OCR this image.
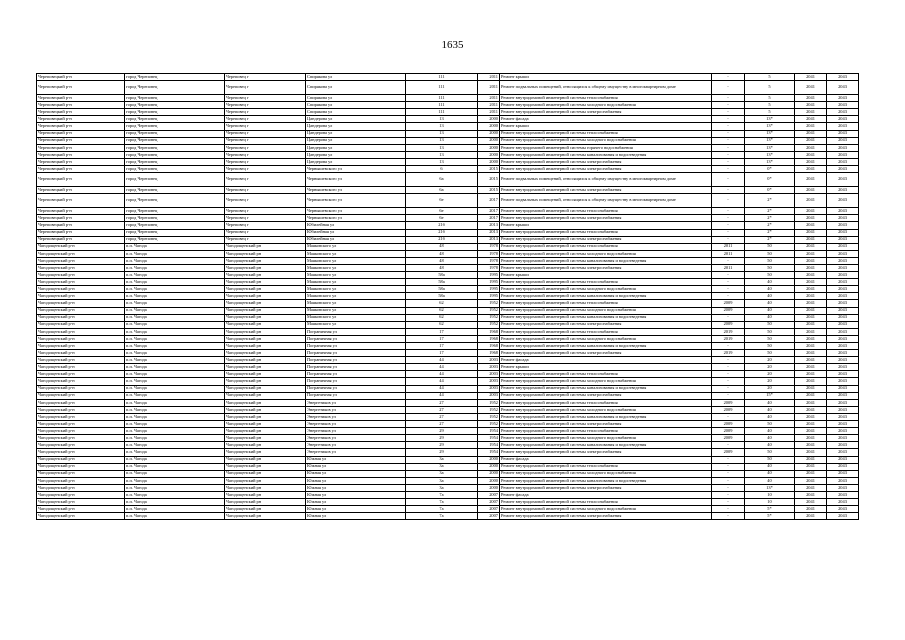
1635
Череповецкий р-н	город Череповец	Череповец г	Спирякова ул	111	2011	Ремонт крыши	-	5	2041	2043
Череповецкий р-н	город Череповец	Череповец г	Спирякова ул	111	2011	Ремонт подвальных помещений, относящихся к общему имуществу в многоквартирном доме	-	5	2041	2043
Череповецкий р-н	город Череповец	Череповец г	Спирякова ул	111	2011	Ремонт внутридомовой инженерной системы теплоснабжения	-	5	2041	2043
Череповецкий р-н	город Череповец	Череповец г	Спирякова ул	111	2011	Ремонт внутридомовой инженерной системы холодного водоснабжения	-	5	2041	2043
Череповецкий р-н	город Череповец	Череповец г	Спирякова ул	111	2011	Ремонт внутридомовой инженерной системы электроснабжения	-	5	2041	2043
Череповецкий р-н	город Череповец	Череповец г	Цандерова ул	13	2000	Ремонт фасада	-	13*	2041	2043
Череповецкий р-н	город Череповец	Череповец г	Цандерова ул	13	2000	Ремонт крыши	-	13*	2041	2043
Череповецкий р-н	город Череповец	Череповец г	Цандерова ул	13	2000	Ремонт внутридомовой инженерной системы теплоснабжения	-	13*	2041	2043
Череповецкий р-н	город Череповец	Череповец г	Цандерова ул	13	2000	Ремонт внутридомовой инженерной системы холодного водоснабжения	-	13*	2041	2043
Череповецкий р-н	город Череповец	Череповец г	Цандерова ул	13	2000	Ремонт внутридомовой инженерной системы горячего водоснабжения	-	13*	2041	2043
Череповецкий р-н	город Череповец	Череповец г	Цандерова ул	13	2000	Ремонт внутридомовой инженерной системы канализования и водоотведения	-	13*	2041	2043
Череповецкий р-н	город Череповец	Череповец г	Цандерова ул	13	2000	Ремонт внутридомовой инженерной системы электроснабжения	-	13*	2041	2043
Череповецкий р-н	город Череповец	Череповец г	Чернышевского ул	6	2015	Ремонт внутридомовой инженерной системы электроснабжения	-	0*	2041	2043
Череповецкий р-н	город Череповец	Череповец г	Чернышевского ул	6а	2015	Ремонт подвальных помещений, относящихся к общему имуществу в многоквартирном доме	-	0*	2041	2043
Череповецкий р-н	город Череповец	Череповец г	Чернышевского ул	6а	2015	Ремонт внутридомовой инженерной системы электроснабжения	-	0*	2041	2043
Череповецкий р-н	город Череповец	Череповец г	Чернышевского ул	6е	2017	Ремонт подвальных помещений, относящихся к общему имуществу в многоквартирном доме	-	2*	2041	2043
Череповецкий р-н	город Череповец	Череповец г	Чернышевского ул	6е	2017	Ремонт внутридомовой инженерной системы теплоснабжения	-	2*	2041	2043
Череповецкий р-н	город Череповец	Череповец г	Чернышевского ул	6е	2017	Ремонт внутридомовой инженерной системы электроснабжения	-	2*	2041	2043
Череповецкий р-н	город Череповец	Череповец г	Юбилейная ул	21б	2013	Ремонт крыши	-	2*	2041	2043
Череповецкий р-н	город Череповец	Череповец г	Юбилейная ул	21б	2013	Ремонт внутридомовой инженерной системы теплоснабжения	-	2*	2041	2043
Череповецкий р-н	город Череповец	Череповец г	Юбилейная ул	21б	2013	Ремонт внутридомовой инженерной системы электроснабжения	-	2*	2041	2043
Чагодощенский р-н	п.п. Чагода	Чагодощенский рн	Маяковского ул	48	1978	Ремонт внутридомовой инженерной системы теплоснабжения	2011	50	2041	2043
Чагодощенский р-н	п.п. Чагода	Чагодощенский рн	Маяковского ул	48	1978	Ремонт внутридомовой инженерной системы холодного водоснабжения	2011	50	2041	2043
Чагодощенский р-н	п.п. Чагода	Чагодощенский рн	Маяковского ул	48	1978	Ремонт внутридомовой инженерной системы канализования и водоотведения	-	50	2041	2043
Чагодощенский р-н	п.п. Чагода	Чагодощенский рн	Маяковского ул	48	1978	Ремонт внутридомовой инженерной системы электроснабжения	2011	50	2041	2043
Чагодощенский р-н	п.п. Чагода	Чагодощенский рн	Маяковского ул	58а	1995	Ремонт крыши	-	50	2041	2043
Чагодощенский р-н	п.п. Чагода	Чагодощенский рн	Маяковского ул	58а	1995	Ремонт внутридомовой инженерной системы теплоснабжения	-	40	2041	2043
Чагодощенский р-н	п.п. Чагода	Чагодощенский рн	Маяковского ул	58а	1995	Ремонт внутридомовой инженерной системы холодного водоснабжения	-	40	2041	2043
Чагодощенский р-н	п.п. Чагода	Чагодощенский рн	Маяковского ул	58а	1995	Ремонт внутридомовой инженерной системы канализования и водоотведения	-	40	2041	2043
Чагодощенский р-н	п.п. Чагода	Чагодощенский рн	Маяковского ул	62	1952	Ремонт внутридомовой инженерной системы теплоснабжения	2009	40	2041	2043
Чагодощенский р-н	п.п. Чагода	Чагодощенский рн	Маяковского ул	62	1952	Ремонт внутридомовой инженерной системы холодного водоснабжения	2009	40	2041	2043
Чагодощенский р-н	п.п. Чагода	Чагодощенский рн	Маяковского ул	62	1952	Ремонт внутридомовой инженерной системы канализования и водоотведения	-	40	2041	2043
Чагодощенский р-н	п.п. Чагода	Чагодощенский рн	Маяковского ул	62	1952	Ремонт внутридомовой инженерной системы электроснабжения	2009	50	2041	2043
Чагодощенский р-н	п.п. Чагода	Чагодощенский рн	Пограничная ул	17	1968	Ремонт внутридомовой инженерной системы теплоснабжения	2019	50	2041	2043
Чагодощенский р-н	п.п. Чагода	Чагодощенский рн	Пограничная ул	17	1968	Ремонт внутридомовой инженерной системы холодного водоснабжения	2019	50	2041	2043
Чагодощенский р-н	п.п. Чагода	Чагодощенский рн	Пограничная ул	17	1968	Ремонт внутридомовой инженерной системы канализования и водоотведения	-	50	2041	2043
Чагодощенский р-н	п.п. Чагода	Чагодощенский рн	Пограничная ул	17	1968	Ремонт внутридомовой инженерной системы электроснабжения	2019	50	2041	2043
Чагодощенский р-н	п.п. Чагода	Чагодощенский рн	Пограничная ул	44	2003	Ремонт фасада	-	20	2041	2043
Чагодощенский р-н	п.п. Чагода	Чагодощенский рн	Пограничная ул	44	2003	Ремонт крыши	-	20	2041	2043
Чагодощенский р-н	п.п. Чагода	Чагодощенский рн	Пограничная ул	44	2003	Ремонт внутридомовой инженерной системы теплоснабжения	-	20	2041	2043
Чагодощенский р-н	п.п. Чагода	Чагодощенский рн	Пограничная ул	44	2003	Ремонт внутридомовой инженерной системы холодного водоснабжения	-	20	2041	2043
Чагодощенский р-н	п.п. Чагода	Чагодощенский рн	Пограничная ул	44	2003	Ремонт внутридомовой инженерной системы канализования и водоотведения	-	20	2041	2043
Чагодощенский р-н	п.п. Чагода	Чагодощенский рн	Пограничная ул	44	2003	Ремонт внутридомовой инженерной системы электроснабжения	-	15*	2041	2043
Чагодощенский р-н	п.п. Чагода	Чагодощенский рн	Энергетиков ул	27	1952	Ремонт внутридомовой инженерной системы теплоснабжения	2009	40	2041	2043
Чагодощенский р-н	п.п. Чагода	Чагодощенский рн	Энергетиков ул	27	1952	Ремонт внутридомовой инженерной системы холодного водоснабжения	2009	40	2041	2043
Чагодощенский р-н	п.п. Чагода	Чагодощенский рн	Энергетиков ул	27	1952	Ремонт внутридомовой инженерной системы канализования и водоотведения	-	40	2041	2043
Чагодощенский р-н	п.п. Чагода	Чагодощенский рн	Энергетиков ул	27	1952	Ремонт внутридомовой инженерной системы электроснабжения	2009	50	2041	2043
Чагодощенский р-н	п.п. Чагода	Чагодощенский рн	Энергетиков ул	29	1954	Ремонт внутридомовой инженерной системы теплоснабжения	2009	40	2041	2043
Чагодощенский р-н	п.п. Чагода	Чагодощенский рн	Энергетиков ул	29	1954	Ремонт внутридомовой инженерной системы холодного водоснабжения	2009	40	2041	2043
Чагодощенский р-н	п.п. Чагода	Чагодощенский рн	Энергетиков ул	29	1954	Ремонт внутридомовой инженерной системы канализования и водоотведения	-	40	2041	2043
Чагодощенский р-н	п.п. Чагода	Чагодощенский рн	Энергетиков ул	29	1954	Ремонт внутридомовой инженерной системы электроснабжения	2009	50	2041	2043
Чагодощенский р-н	п.п. Чагода	Чагодощенский рн	Южная ул	3а	2000	Ремонт фасада	-	50	2041	2043
Чагодощенский р-н	п.п. Чагода	Чагодощенский рн	Южная ул	3а	2000	Ремонт внутридомовой инженерной системы теплоснабжения	-	40	2041	2043
Чагодощенский р-н	п.п. Чагода	Чагодощенский рн	Южная ул	3а	2000	Ремонт внутридомовой инженерной системы холодного водоснабжения	-	40	2041	2043
Чагодощенский р-н	п.п. Чагода	Чагодощенский рн	Южная ул	3а	2000	Ремонт внутридомовой инженерной системы канализования и водоотведения	-	40	2041	2043
Чагодощенский р-н	п.п. Чагода	Чагодощенский рн	Южная ул	3а	2000	Ремонт внутридомовой инженерной системы электроснабжения	-	13*	2041	2043
Чагодощенский р-н	п.п. Чагода	Чагодощенский рн	Южная ул	7а	2007	Ремонт фасада	-	10	2041	2043
Чагодощенский р-н	п.п. Чагода	Чагодощенский рн	Южная ул	7а	2007	Ремонт внутридомовой инженерной системы теплоснабжения	-	10	2041	2043
Чагодощенский р-н	п.п. Чагода	Чагодощенский рн	Южная ул	7а	2007	Ремонт внутридомовой инженерной системы холодного водоснабжения	-	5*	2041	2043
Чагодощенский р-н	п.п. Чагода	Чагодощенский рн	Южная ул	7а	2007	Ремонт внутридомовой инженерной системы электроснабжения	-	5*	2041	2043
